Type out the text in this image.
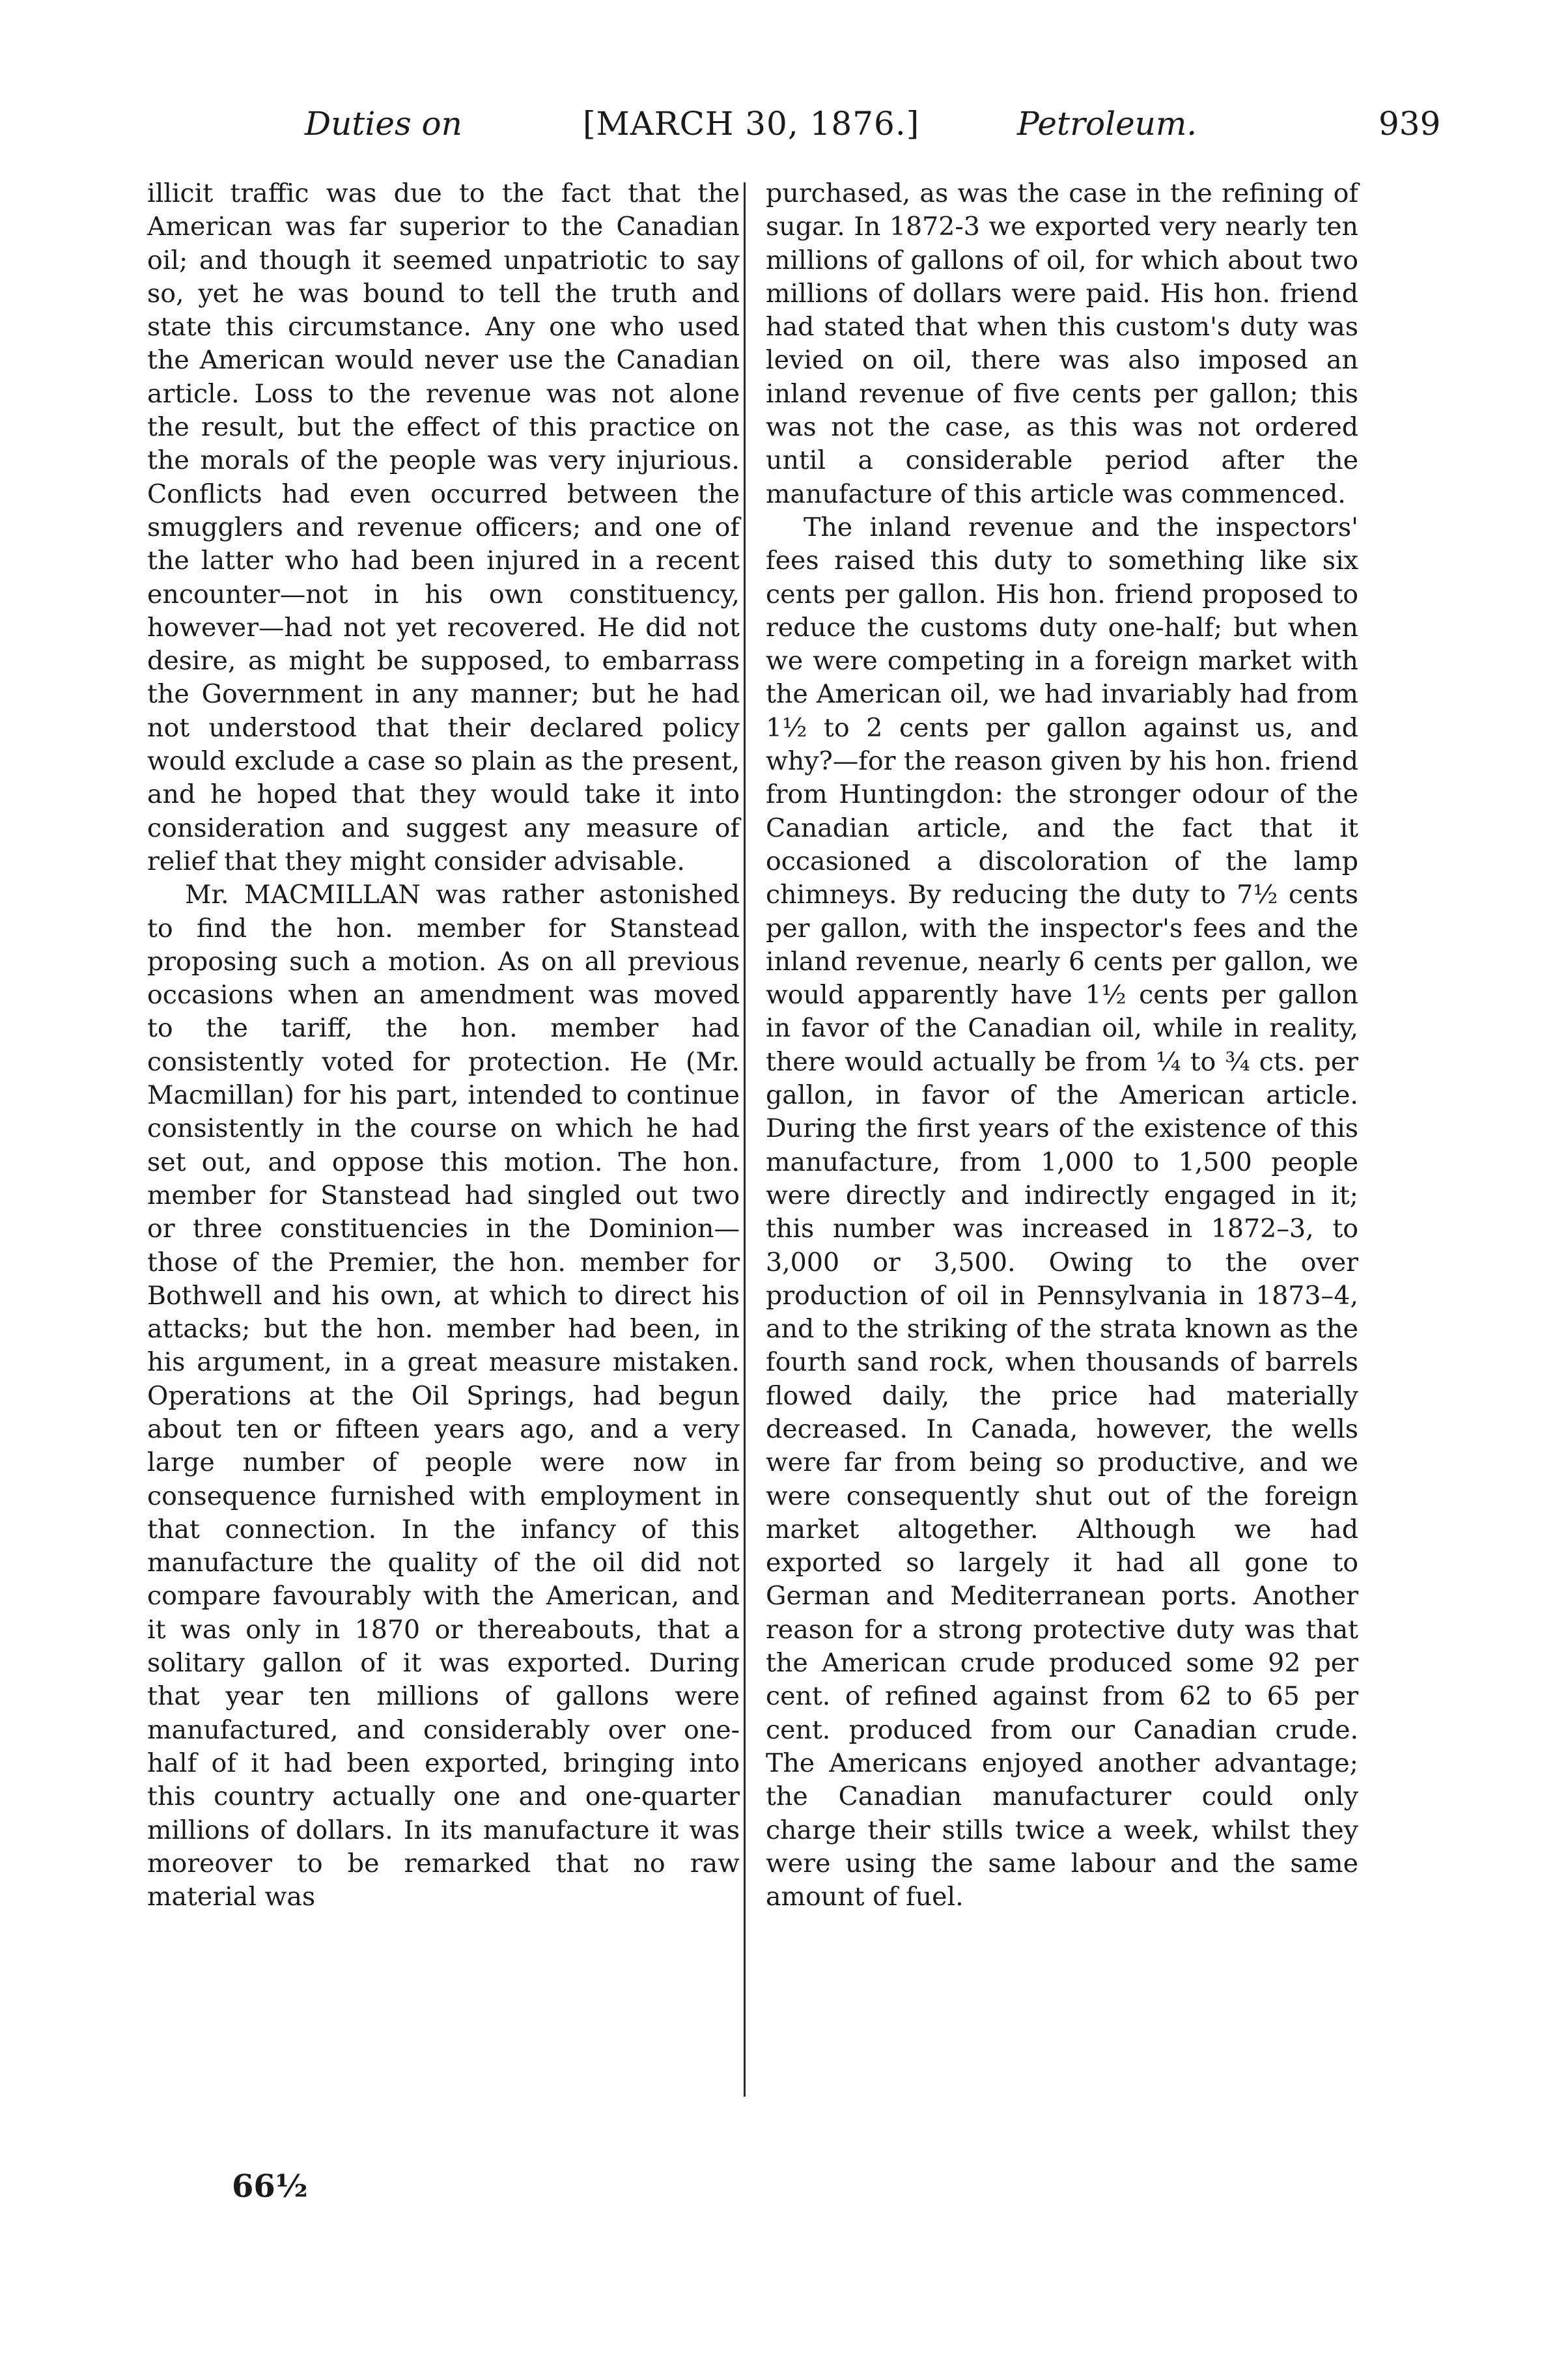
Duties on	[MARCH 30, 1876.]	Petroleum.	939

illicit traffic was due to the fact that the American was far superior to the Canadian oil; and though it seemed unpatriotic to say so, yet he was bound to tell the truth and state this circumstance. Any one who used the American would never use the Canadian article. Loss to the revenue was not alone the result, but the effect of this practice on the morals of the people was very injurious. Conflicts had even occurred between the smugglers and revenue officers; and one of the latter who had been injured in a recent encounter—not in his own constituency, however—had not yet recovered. He did not desire, as might be supposed, to embarrass the Government in any manner; but he had not understood that their declared policy would exclude a case so plain as the present, and he hoped that they would take it into consideration and suggest any measure of relief that they might consider advisable.

Mr. MACMILLAN was rather astonished to find the hon. member for Stanstead proposing such a motion. As on all previous occasions when an amendment was moved to the tariff, the hon. member had consistently voted for protection. He (Mr. Macmillan) for his part, intended to continue consistently in the course on which he had set out, and oppose this motion. The hon. member for Stanstead had singled out two or three constituencies in the Dominion—those of the Premier, the hon. member for Bothwell and his own, at which to direct his attacks; but the hon. member had been, in his argument, in a great measure mistaken. Operations at the Oil Springs, had begun about ten or fifteen years ago, and a very large number of people were now in consequence furnished with employment in that connection. In the infancy of this manufacture the quality of the oil did not compare favourably with the American, and it was only in 1870 or thereabouts, that a solitary gallon of it was exported. During that year ten millions of gallons were manufactured, and considerably over one-half of it had been exported, bringing into this country actually one and one-quarter millions of dollars. In its manufacture it was moreover to be remarked that no raw material was

purchased, as was the case in the refining of sugar. In 1872-3 we exported very nearly ten millions of gallons of oil, for which about two millions of dollars were paid. His hon. friend had stated that when this custom's duty was levied on oil, there was also imposed an inland revenue of five cents per gallon; this was not the case, as this was not ordered until a considerable period after the manufacture of this article was commenced.

The inland revenue and the inspectors' fees raised this duty to something like six cents per gallon. His hon. friend proposed to reduce the customs duty one-half; but when we were competing in a foreign market with the American oil, we had invariably had from 1½ to 2 cents per gallon against us, and why?—for the reason given by his hon. friend from Huntingdon: the stronger odour of the Canadian article, and the fact that it occasioned a discoloration of the lamp chimneys. By reducing the duty to 7½ cents per gallon, with the inspector's fees and the inland revenue, nearly 6 cents per gallon, we would apparently have 1½ cents per gallon in favor of the Canadian oil, while in reality, there would actually be from ¼ to ¾ cts. per gallon, in favor of the American article. During the first years of the existence of this manufacture, from 1,000 to 1,500 people were directly and indirectly engaged in it; this number was increased in 1872–3, to 3,000 or 3,500. Owing to the over production of oil in Pennsylvania in 1873–4, and to the striking of the strata known as the fourth sand rock, when thousands of barrels flowed daily, the price had materially decreased. In Canada, however, the wells were far from being so productive, and we were consequently shut out of the foreign market altogether. Although we had exported so largely it had all gone to German and Mediterranean ports. Another reason for a strong protective duty was that the American crude produced some 92 per cent. of refined against from 62 to 65 per cent. produced from our Canadian crude. The Americans enjoyed another advantage; the Canadian manufacturer could only charge their stills twice a week, whilst they were using the same labour and the same amount of fuel.

66½
